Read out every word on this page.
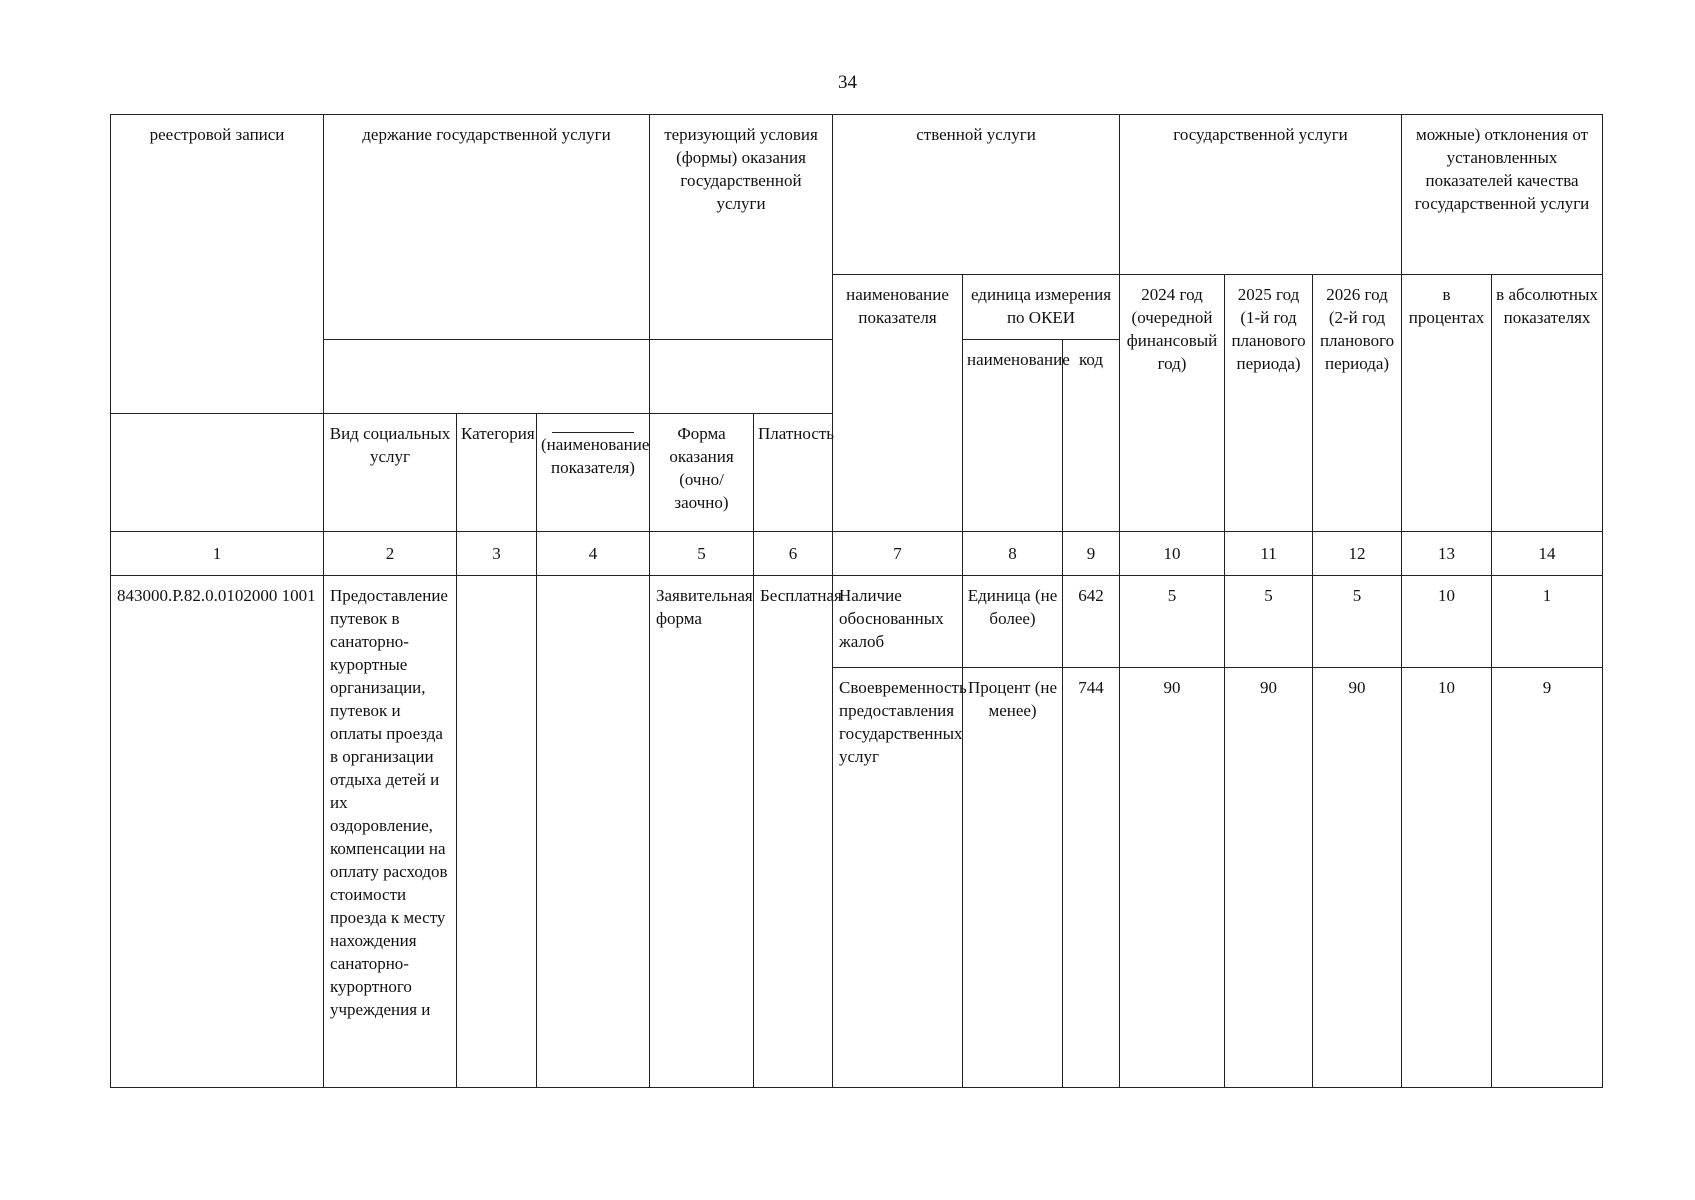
34
реестровой записи	держание государственной услуги			теризующий условия (формы) оказания государственной услуги		ственной услуги			государственной услуги			можные) отклонения от установленных показателей качества государственной услуги	
						наименование показателя	единица измерения по ОКЕИ		2024 год (очередной финансовый год)	2025 год (1-й год планового периода)	2026 год (2-й год планового периода)	в процентах	в абсолютных показателях
							наименование	код					
	Вид социальных услуг	Категория	(наименование показателя)	Форма оказания (очно/заочно)	Платность								
1	2	3	4	5	6	7	8	9	10	11	12	13	14
843000.Р.82.0.0102000 1001	Предоставление путевок в санаторно-курортные организации, путевок и оплаты проезда в организации отдыха детей и их оздоровление, компенсации на оплату расходов стоимости проезда к месту нахождения санаторно-курортного учреждения и			Заявительная форма	Бесплатная	Наличие обоснованных жалоб	Единица (не более)	642	5	5	5	10	1
						Своевременность предоставления государственных услуг	Процент (не менее)	744	90	90	90	10	9
